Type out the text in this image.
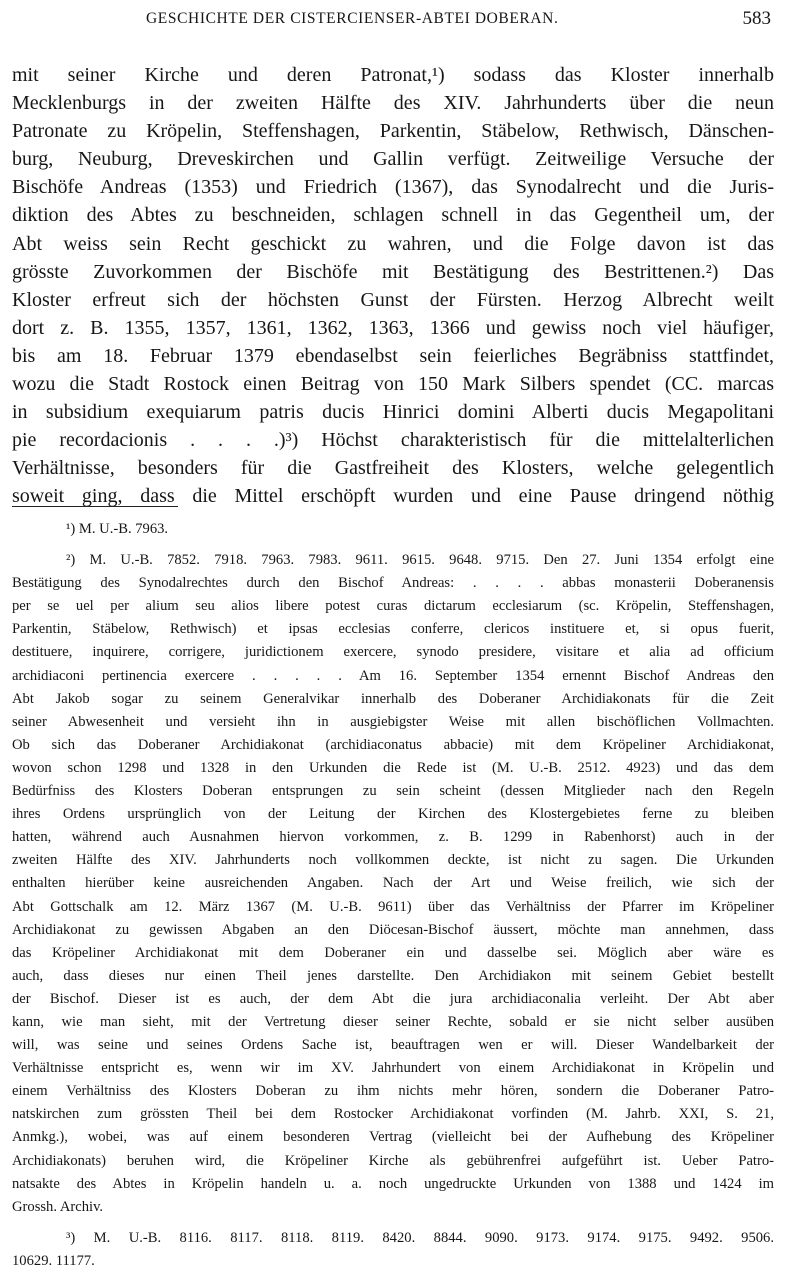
GESCHICHTE DER CISTERCIENSER-ABTEI DOBERAN.	583
mit seiner Kirche und deren Patronat,¹) sodass das Kloster innerhalb
Mecklenburgs in der zweiten Hälfte des XIV. Jahrhunderts über die neun
Patronate zu Kröpelin, Steffenshagen, Parkentin, Stäbelow, Rethwisch, Dänschen-
burg, Neuburg, Dreveskirchen und Gallin verfügt. Zeitweilige Versuche der
Bischöfe Andreas (1353) und Friedrich (1367), das Synodalrecht und die Juris-
diktion des Abtes zu beschneiden, schlagen schnell in das Gegentheil um, der
Abt weiss sein Recht geschickt zu wahren, und die Folge davon ist das
grösste Zuvorkommen der Bischöfe mit Bestätigung des Bestrittenen.²) Das
Kloster erfreut sich der höchsten Gunst der Fürsten. Herzog Albrecht weilt
dort z. B. 1355, 1357, 1361, 1362, 1363, 1366 und gewiss noch viel häufiger,
bis am 18. Februar 1379 ebendaselbst sein feierliches Begräbniss stattfindet,
wozu die Stadt Rostock einen Beitrag von 150 Mark Silbers spendet (CC. marcas
in subsidium exequiarum patris ducis Hinrici domini Alberti ducis Megapolitani
pie recordacionis . . . .)³) Höchst charakteristisch für die mittelalterlichen
Verhältnisse, besonders für die Gastfreiheit des Klosters, welche gelegentlich
soweit ging, dass die Mittel erschöpft wurden und eine Pause dringend nöthig
¹) M. U.-B. 7963.
²) M. U.-B. 7852. 7918. 7963. 7983. 9611. 9615. 9648. 9715. Den 27. Juni 1354 erfolgt eine
Bestätigung des Synodalrechtes durch den Bischof Andreas: . . . . abbas monasterii Doberanensis
per se uel per alium seu alios libere potest curas dictarum ecclesiarum (sc. Kröpelin, Steffenshagen,
Parkentin, Stäbelow, Rethwisch) et ipsas ecclesias conferre, clericos instituere et, si opus fuerit,
destituere, inquirere, corrigere, juridictionem exercere, synodo presidere, visitare et alia ad officium
archidiaconi pertinencia exercere . . . . . Am 16. September 1354 ernennt Bischof Andreas den
Abt Jakob sogar zu seinem Generalvikar innerhalb des Doberaner Archidiakonats für die Zeit
seiner Abwesenheit und versieht ihn in ausgiebigster Weise mit allen bischöflichen Vollmachten.
Ob sich das Doberaner Archidiakonat (archidiaconatus abbacie) mit dem Kröpeliner Archidiakonat,
wovon schon 1298 und 1328 in den Urkunden die Rede ist (M. U.-B. 2512. 4923) und das dem
Bedürfniss des Klosters Doberan entsprungen zu sein scheint (dessen Mitglieder nach den Regeln
ihres Ordens ursprünglich von der Leitung der Kirchen des Klostergebietes ferne zu bleiben
hatten, während auch Ausnahmen hiervon vorkommen, z. B. 1299 in Rabenhorst) auch in der
zweiten Hälfte des XIV. Jahrhunderts noch vollkommen deckte, ist nicht zu sagen. Die Urkunden
enthalten hierüber keine ausreichenden Angaben. Nach der Art und Weise freilich, wie sich der
Abt Gottschalk am 12. März 1367 (M. U.-B. 9611) über das Verhältniss der Pfarrer im Kröpeliner
Archidiakonat zu gewissen Abgaben an den Diöcesan-Bischof äussert, möchte man annehmen, dass
das Kröpeliner Archidiakonat mit dem Doberaner ein und dasselbe sei. Möglich aber wäre es
auch, dass dieses nur einen Theil jenes darstellte. Den Archidiakon mit seinem Gebiet bestellt
der Bischof. Dieser ist es auch, der dem Abt die jura archidiaconalia verleiht. Der Abt aber
kann, wie man sieht, mit der Vertretung dieser seiner Rechte, sobald er sie nicht selber ausüben
will, was seine und seines Ordens Sache ist, beauftragen wen er will. Dieser Wandelbarkeit der
Verhältnisse entspricht es, wenn wir im XV. Jahrhundert von einem Archidiakonat in Kröpelin und
einem Verhältniss des Klosters Doberan zu ihm nichts mehr hören, sondern die Doberaner Patro-
natskirchen zum grössten Theil bei dem Rostocker Archidiakonat vorfinden (M. Jahrb. XXI, S. 21,
Anmkg.), wobei, was auf einem besonderen Vertrag (vielleicht bei der Aufhebung des Kröpeliner
Archidiakonats) beruhen wird, die Kröpeliner Kirche als gebührenfrei aufgeführt ist. Ueber Patro-
natsakte des Abtes in Kröpelin handeln u. a. noch ungedruckte Urkunden von 1388 und 1424 im
Grossh. Archiv.
³) M. U.-B. 8116. 8117. 8118. 8119. 8420. 8844. 9090. 9173. 9174. 9175. 9492. 9506.
10629. 11177.
